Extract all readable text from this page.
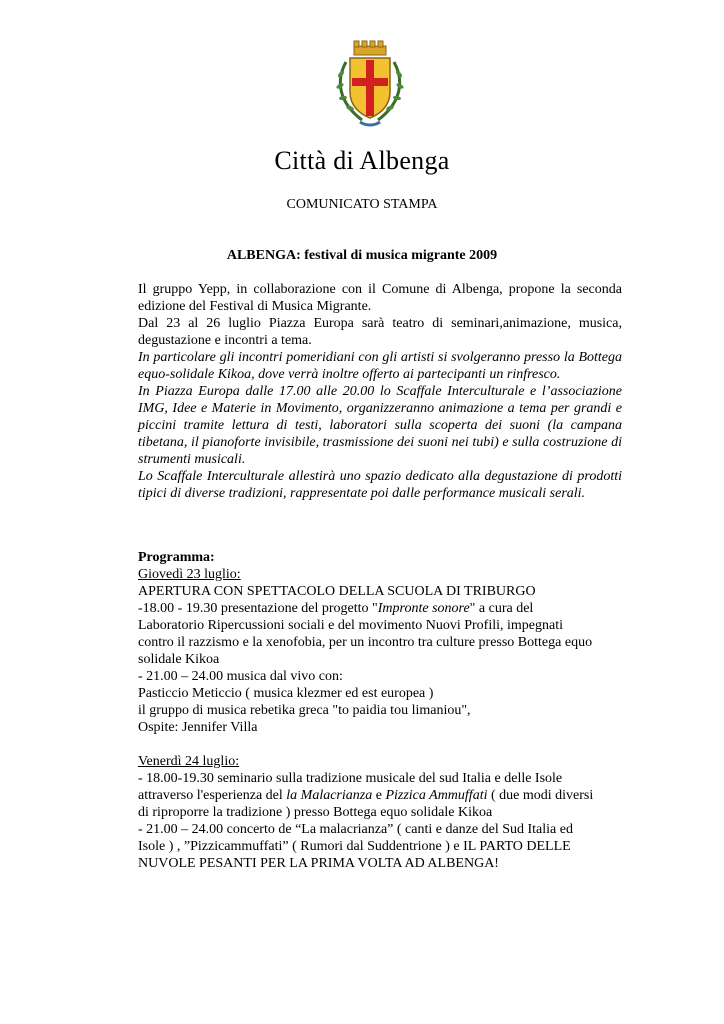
Città di Albenga
COMUNICATO STAMPA
ALBENGA: festival di musica migrante 2009

Il gruppo Yepp, in collaborazione con il Comune di Albenga, propone la seconda edizione del Festival di Musica Migrante.

Dal 23 al 26 luglio Piazza Europa sarà teatro di seminari,animazione, musica, degustazione e incontri a tema.

In particolare gli incontri pomeridiani con gli artisti si svolgeranno presso la Bottega equo-solidale Kikoa, dove verrà inoltre offerto ai partecipanti un rinfresco.

In Piazza Europa dalle 17.00 alle 20.00 lo Scaffale Interculturale e l’associazione IMG, Idee e Materie in Movimento, organizzeranno animazione a tema per grandi e piccini tramite lettura di testi, laboratori sulla scoperta dei suoni (la campana tibetana, il pianoforte invisibile, trasmissione dei suoni nei tubi) e sulla costruzione di strumenti musicali.

Lo Scaffale Interculturale allestirà uno spazio dedicato alla degustazione di prodotti tipici di diverse tradizioni, rappresentate poi dalle performance musicali serali.

Programma:
Giovedì 23 luglio:
APERTURA CON SPETTACOLO DELLA SCUOLA DI TRIBURGO
-18.00 - 19.30 presentazione del progetto "Impronte sonore" a cura del
Laboratorio Ripercussioni sociali e del movimento Nuovi Profili, impegnati
contro il razzismo e la xenofobia, per un incontro tra culture presso Bottega equo
solidale Kikoa
- 21.00 – 24.00 musica dal vivo con:
Pasticcio Meticcio ( musica klezmer ed est europea )
il gruppo di musica rebetika greca "to paidia tou limaniou",
Ospite: Jennifer Villa
Venerdì 24 luglio:
- 18.00-19.30 seminario sulla tradizione musicale del sud Italia e delle Isole
attraverso l'esperienza del la Malacrianza e Pizzica Ammuffati ( due modi diversi
di riproporre la tradizione ) presso Bottega equo solidale Kikoa
- 21.00 – 24.00 concerto de “La malacrianza” ( canti e danze del Sud Italia ed
Isole ) , ”Pizzicammuffati” ( Rumori dal Suddentrione ) e IL PARTO DELLE
NUVOLE PESANTI PER LA PRIMA VOLTA AD ALBENGA!
